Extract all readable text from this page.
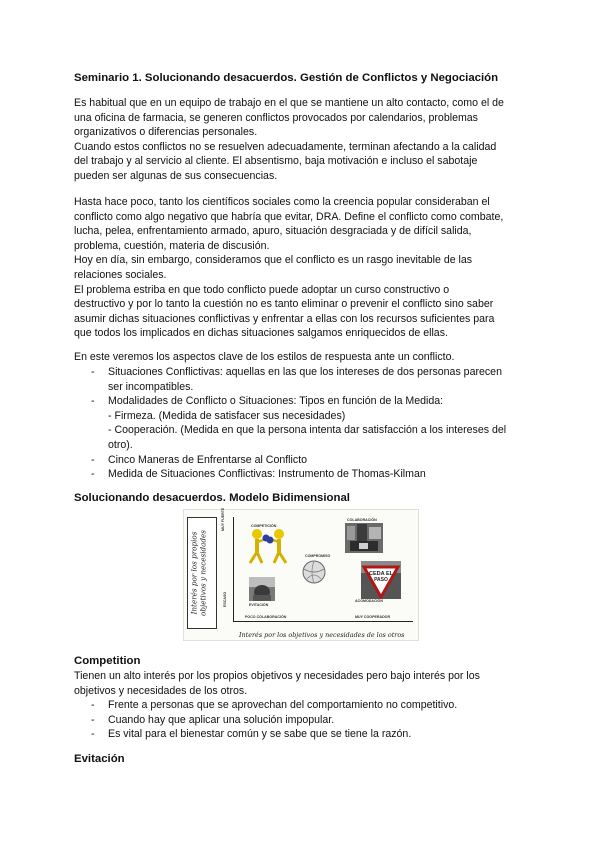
Seminario 1. Solucionando desacuerdos. Gestión de Conflictos y Negociación
Es habitual que en un equipo de trabajo en el que se mantiene un alto contacto, como el de
una oficina de farmacia, se generen conflictos provocados por calendarios, problemas
organizativos o diferencias personales.
Cuando estos conflictos no se resuelven adecuadamente, terminan afectando a la calidad
del trabajo y al servicio al cliente. El absentismo, baja motivación e incluso el sabotaje
pueden ser algunas de sus consecuencias.
Hasta hace poco, tanto los científicos sociales como la creencia popular consideraban el
conflicto como algo negativo que habría que evitar, DRA. Define el conflicto como combate,
lucha, pelea, enfrentamiento armado, apuro, situación desgraciada y de difícil salida,
problema, cuestión, materia de discusión.
Hoy en día, sin embargo, consideramos que el conflicto es un rasgo inevitable de las
relaciones sociales.
El problema estriba en que todo conflicto puede adoptar un curso constructivo o
destructivo y por lo tanto la cuestión no es tanto eliminar o prevenir el conflicto sino saber
asumir dichas situaciones conflictivas y enfrentar a ellas con los recursos suficientes para
que todos los implicados en dichas situaciones salgamos enriquecidos de ellas.
En este veremos los aspectos clave de los estilos de respuesta ante un conflicto.
- Situaciones Conflictivas: aquellas en las que los intereses de dos personas parecen
ser incompatibles.
- Modalidades de Conflicto o Situaciones: Tipos en función de la Medida:
- Firmeza. (Medida de satisfacer sus necesidades)
- Cooperación. (Medida en que la persona intenta dar satisfacción a los intereses del
otro).
- Cinco Maneras de Enfrentarse al Conflicto
- Medida de Situaciones Conflictivas: Instrumento de Thomas-Kilman
Solucionando desacuerdos. Modelo Bidimensional
Interés por los propios objetivos y necesidades
MUY FUERTE
ESCASO
COMPETICIÓN
COLABORACIÓN
COMPROMISO
EVITACIÓN
ACOMODACIÓN
POCO COLABORACIÓN	MUY COOPERADOR
CEDA EL
PASO
Interés por los objetivos y necesidades de los otros
Competition
Tienen un alto interés por los propios objetivos y necesidades pero bajo interés por los
objetivos y necesidades de los otros.
- Frente a personas que se aprovechan del comportamiento no competitivo.
- Cuando hay que aplicar una solución impopular.
- Es vital para el bienestar común y se sabe que se tiene la razón.
Evitación
